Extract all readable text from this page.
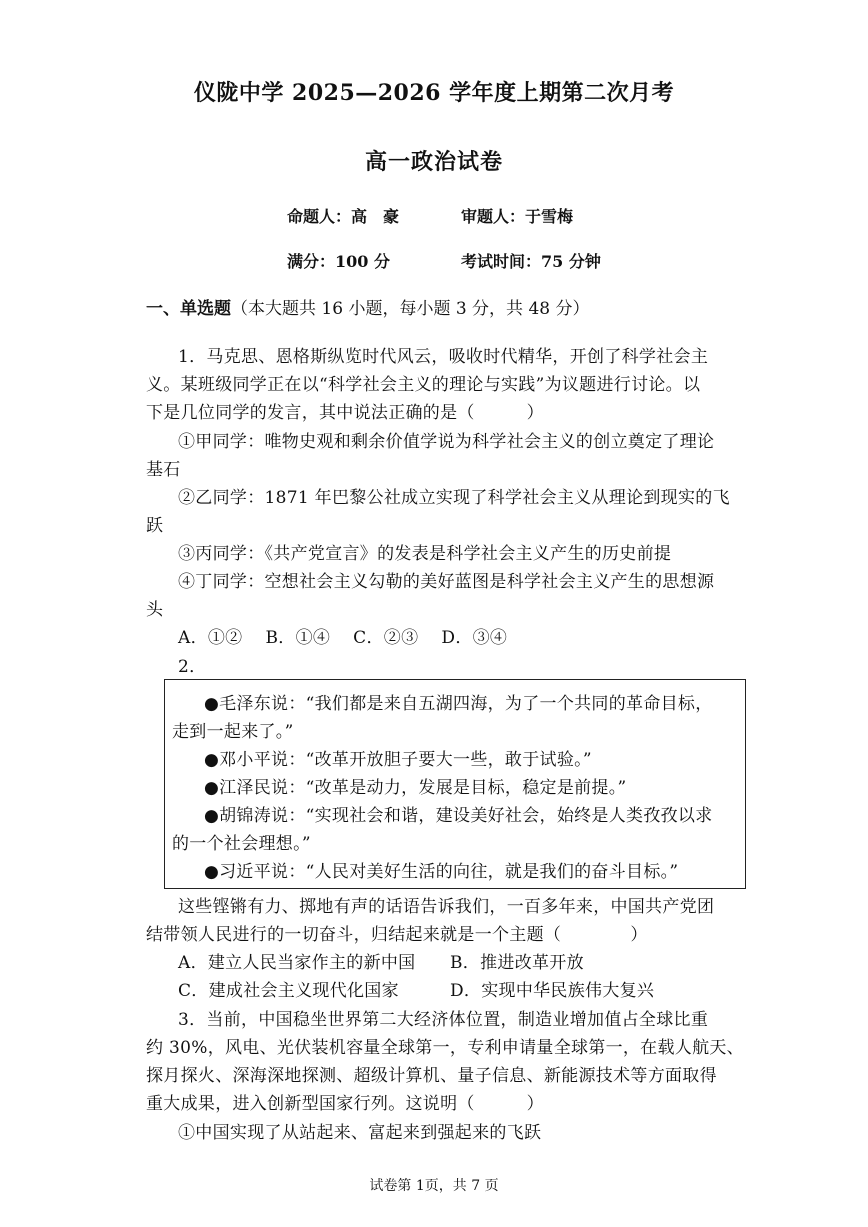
仪陇中学 2025—2026 学年度上期第二次月考
高一政治试卷
命题人：高　豪	审题人：于雪梅
满分：100 分	考试时间：75 分钟
一、单选题（本大题共 16 小题，每小题 3 分，共 48 分）
1．马克思、恩格斯纵览时代风云，吸收时代精华，开创了科学社会主
义。某班级同学正在以“科学社会主义的理论与实践”为议题进行讨论。以
下是几位同学的发言，其中说法正确的是（　　　）
①甲同学：唯物史观和剩余价值学说为科学社会主义的创立奠定了理论
基石
②乙同学：1871 年巴黎公社成立实现了科学社会主义从理论到现实的飞
跃
③丙同学：《共产党宣言》的发表是科学社会主义产生的历史前提
④丁同学：空想社会主义勾勒的美好蓝图是科学社会主义产生的思想源
头
A．①②　 B．①④　 C．②③　 D．③④
2．
●毛泽东说：“我们都是来自五湖四海，为了一个共同的革命目标，
走到一起来了。”
●邓小平说：“改革开放胆子要大一些，敢于试验。”
●江泽民说：“改革是动力，发展是目标，稳定是前提。”
●胡锦涛说：“实现社会和谐，建设美好社会，始终是人类孜孜以求
的一个社会理想。”
●习近平说：“人民对美好生活的向往，就是我们的奋斗目标。”
这些铿锵有力、掷地有声的话语告诉我们，一百多年来，中国共产党团
结带领人民进行的一切奋斗，归结起来就是一个主题（　　　　）
A．建立人民当家作主的新中国 B．推进改革开放
C．建成社会主义现代化国家	D．实现中华民族伟大复兴
3．当前，中国稳坐世界第二大经济体位置，制造业增加值占全球比重
约 30%，风电、光伏装机容量全球第一，专利申请量全球第一，在载人航天、
探月探火、深海深地探测、超级计算机、量子信息、新能源技术等方面取得
重大成果，进入创新型国家行列。这说明（　　　）
①中国实现了从站起来、富起来到强起来的飞跃
试卷第 1页，共 7 页
